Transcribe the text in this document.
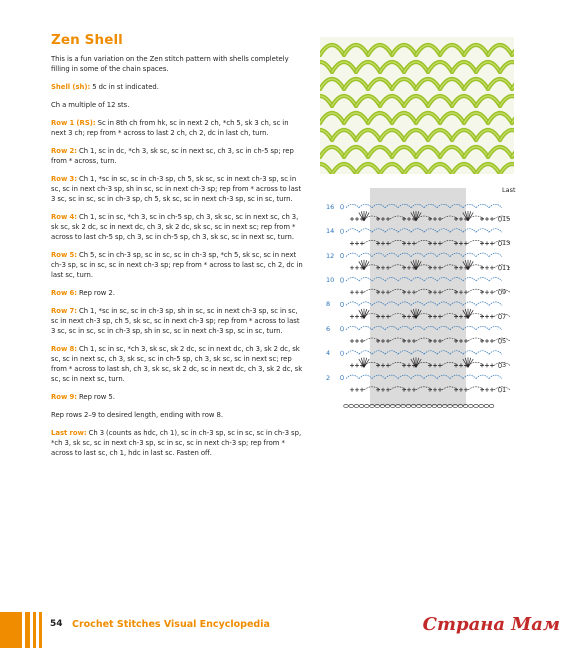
Zen Shell

This is a fun variation on the Zen stitch pattern with shells completely filling in some of the chain spaces.

Shell (sh): 5 dc in st indicated.

Ch a multiple of 12 sts.

Row 1 (RS): Sc in 8th ch from hk, sc in next 2 ch, *ch 5, sk 3 ch, sc in next 3 ch; rep from * across to last 2 ch, ch 2, dc in last ch, turn.

Row 2: Ch 1, sc in dc, *ch 3, sk sc, sc in next sc, ch 3, sc in ch-5 sp; rep from * across, turn.

Row 3: Ch 1, *sc in sc, sc in ch-3 sp, ch 5, sk sc, sc in next ch-3 sp, sc in sc, sc in next ch-3 sp, sh in sc, sc in next ch-3 sp; rep from * across to last 3 sc, sc in sc, sc in ch-3 sp, ch 5, sk sc, sc in next ch-3 sp, sc in sc, turn.

Row 4: Ch 1, sc in sc, *ch 3, sc in ch-5 sp, ch 3, sk sc, sc in next sc, ch 3, sk sc, sk 2 dc, sc in next dc, ch 3, sk 2 dc, sk sc, sc in next sc; rep from * across to last ch-5 sp, ch 3, sc in ch-5 sp, ch 3, sk sc, sc in next sc, turn.

Row 5: Ch 5, sc in ch-3 sp, sc in sc, sc in ch-3 sp, *ch 5, sk sc, sc in next ch-3 sp, sc in sc, sc in next ch-3 sp; rep from * across to last sc, ch 2, dc in last sc, turn.

Row 6: Rep row 2.

Row 7: Ch 1, *sc in sc, sc in ch-3 sp, sh in sc, sc in next ch-3 sp, sc in sc, sc in next ch-3 sp, ch 5, sk sc, sc in next ch-3 sp; rep from * across to last 3 sc, sc in sc, sc in ch-3 sp, sh in sc, sc in next ch-3 sp, sc in sc, turn.

Row 8: Ch 1, sc in sc, *ch 3, sk sc, sk 2 dc, sc in next dc, ch 3, sk 2 dc, sk sc, sc in next sc, ch 3, sk sc, sc in ch-5 sp, ch 3, sk sc, sc in next sc; rep from * across to last sh, ch 3, sk sc, sk 2 dc, sc in next dc, ch 3, sk 2 dc, sk sc, sc in next sc, turn.

Row 9: Rep row 5.

Rep rows 2–9 to desired length, ending with row 8.

Last row: Ch 3 (counts as hdc, ch 1), sc in ch-3 sp, sc in sc, sc in ch-3 sp, *ch 3, sk sc, sc in next ch-3 sp, sc in sc, sc in next ch-3 sp; rep from * across to last sc, ch 1, hdc in last sc. Fasten off.

Last
16
14
12
10
8
6
4
2
15
13
11
9
7
5
3
1
54 Crochet Stitches Visual Encyclopedia	Страна Мам
